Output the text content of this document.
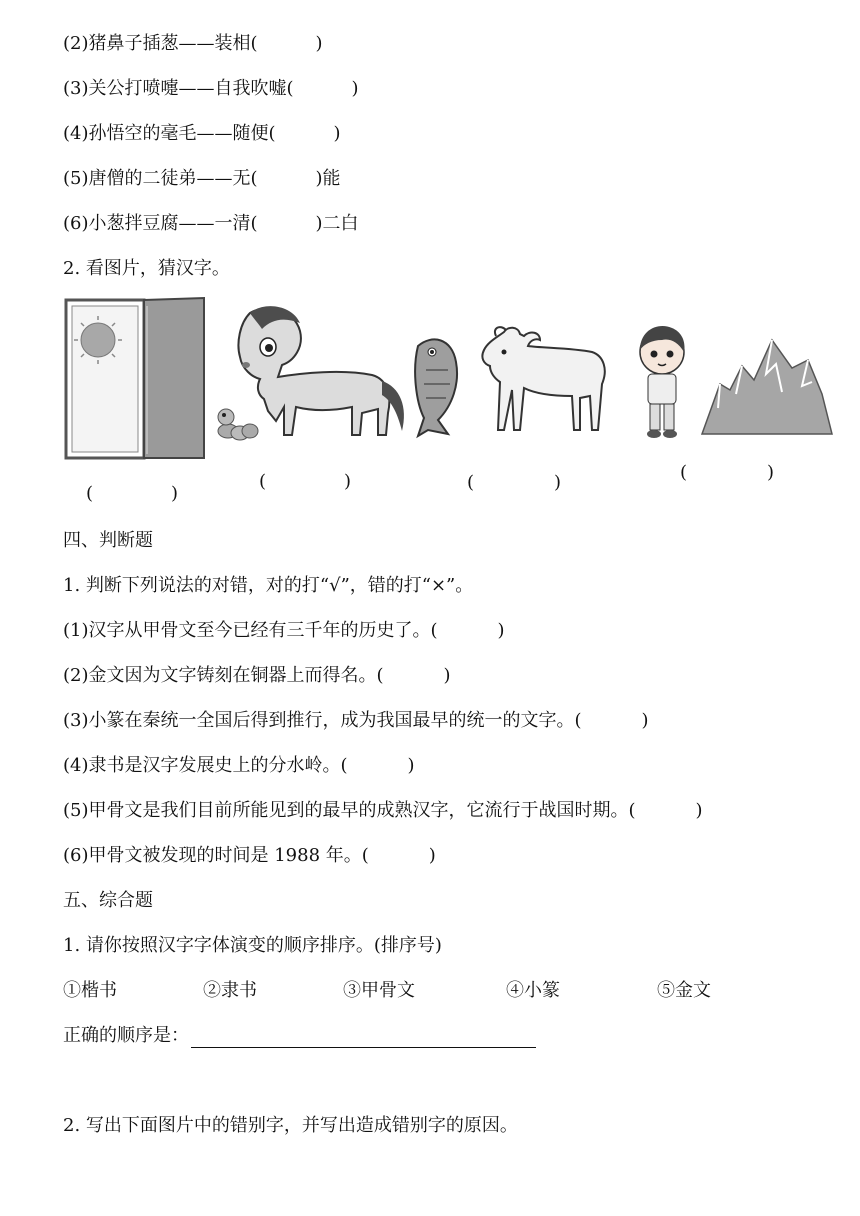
(2)猪鼻子插葱——装相(	)
(3)关公打喷嚏——自我吹嘘(	)
(4)孙悟空的毫毛——随便(	)
(5)唐僧的二徒弟——无(	)能
(6)小葱拌豆腐——一清(	)二白
2. 看图片，猜汉字。
(	)
(	)	(	)	(	)
四、判断题
1. 判断下列说法的对错，对的打“√”，错的打“×”。
(1)汉字从甲骨文至今已经有三千年的历史了。(	)
(2)金文因为文字铸刻在铜器上而得名。(	)
(3)小篆在秦统一全国后得到推行，成为我国最早的统一的文字。(	)
(4)隶书是汉字发展史上的分水岭。(	)
(5)甲骨文是我们目前所能见到的最早的成熟汉字，它流行于战国时期。(	)
(6)甲骨文被发现的时间是 1988 年。(	)
五、综合题
1. 请你按照汉字字体演变的顺序排序。(排序号)
①楷书	②隶书	③甲骨文	④小篆	⑤金文
正确的顺序是：
2. 写出下面图片中的错别字，并写出造成错别字的原因。
